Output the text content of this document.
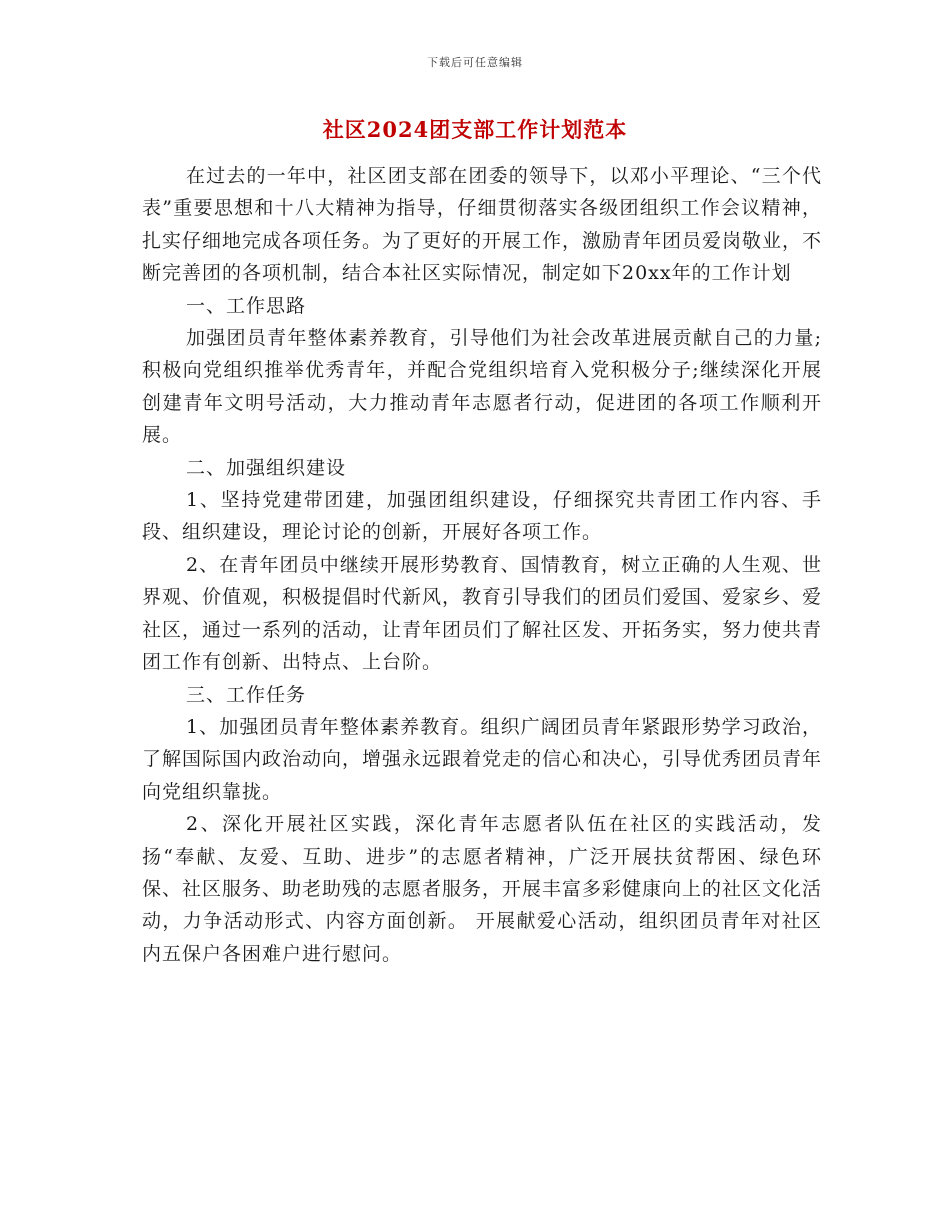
下载后可任意编辑
社区2024团支部工作计划范本

在过去的一年中，社区团支部在团委的领导下，以邓小平理论、“三个代表”重要思想和十八大精神为指导，仔细贯彻落实各级团组织工作会议精神，扎实仔细地完成各项任务。为了更好的开展工作，激励青年团员爱岗敬业，不断完善团的各项机制，结合本社区实际情况，制定如下20xx年的工作计划

一、工作思路

加强团员青年整体素养教育，引导他们为社会改革进展贡献自己的力量;积极向党组织推举优秀青年，并配合党组织培育入党积极分子;继续深化开展创建青年文明号活动，大力推动青年志愿者行动，促进团的各项工作顺利开展。

二、加强组织建设

1、坚持党建带团建，加强团组织建设，仔细探究共青团工作内容、手段、组织建设，理论讨论的创新，开展好各项工作。

2、在青年团员中继续开展形势教育、国情教育，树立正确的人生观、世界观、价值观，积极提倡时代新风，教育引导我们的团员们爱国、爱家乡、爱社区，通过一系列的活动，让青年团员们了解社区发、开拓务实，努力使共青团工作有创新、出特点、上台阶。

三、工作任务

1、加强团员青年整体素养教育。组织广阔团员青年紧跟形势学习政治，了解国际国内政治动向，增强永远跟着党走的信心和决心，引导优秀团员青年向党组织靠拢。

2、深化开展社区实践，深化青年志愿者队伍在社区的实践活动，发扬“奉献、友爱、互助、进步”的志愿者精神，广泛开展扶贫帮困、绿色环保、社区服务、助老助残的志愿者服务，开展丰富多彩健康向上的社区文化活动，力争活动形式、内容方面创新。 开展献爱心活动，组织团员青年对社区内五保户各困难户进行慰问。
